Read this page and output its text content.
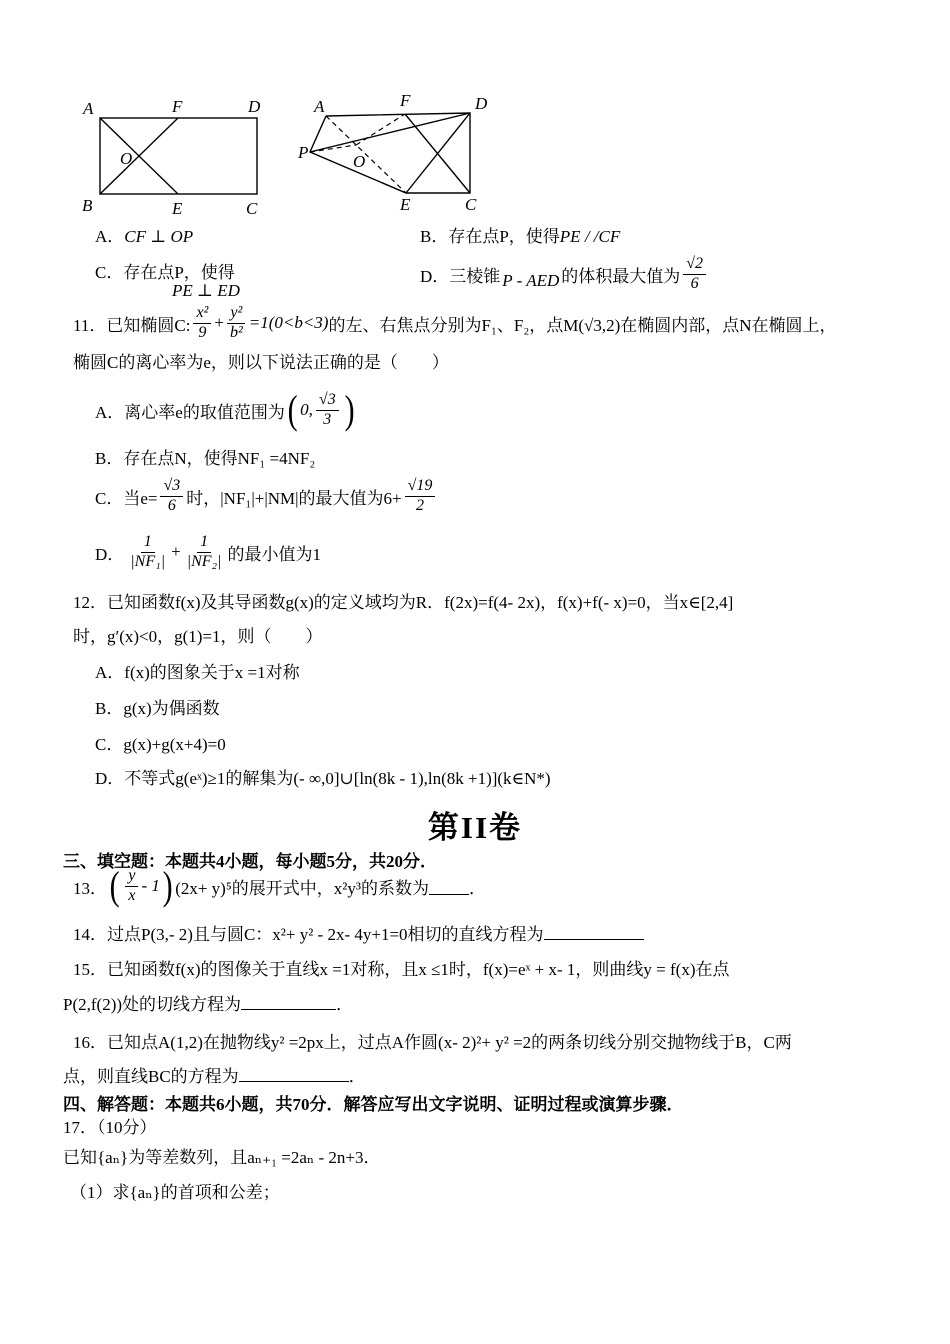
A	F	D
O
B	E	C
A	F	D
P	O
E	C
A．CF ⊥ OP	B．存在点P，使得PE / /CF
C．存在点P，使得
PE ⊥ ED
D．三棱锥 P - AED 的体积最大值为 $\frac{√2}{6}$
11．已知椭圆C: $\frac{\text{x²}}{9} + \frac{\text{y²}}{\text{b²}} =1(0<b<3)$ 的左、右焦点分别为F₁、F₂，点M(√3,2)在椭圆内部，点N在椭圆上，
椭圆C的离心率为e，则以下说法正确的是（　　）
A．离心率e的取值范围为 ( 0, $\frac{√3}{3}$ )
B．存在点N，使得NF₁ =4NF₂
C．当$e= \frac{√3}{6}$ 时，|NF₁|+|NM|的最大值为$6+ \frac{√19}{2}$
D． $\frac{1}{\text{|NF₁|}} + \frac{1}{\text{|NF₂|}}$ 的最小值为1
12．已知函数f(x)及其导函数g(x)的定义域均为R．f(2x)=f(4- 2x)，f(x)+f(- x)=0，当x∈[2,4]
时，g′(x)<0，g(1)=1，则（　　）
A．f(x)的图象关于x =1对称
B．g(x)为偶函数
C．g(x)+g(x+4)=0
D．不等式g(eˣ)≥1的解集为(- ∞,0]∪[ln(8k - 1),ln(8k +1)](k∈N*)
第II卷
三、填空题：本题共4小题，每小题5分，共20分．
13． ( $\frac{y}{x} - 1$ ) (2x+ y)⁵的展开式中，x²y³的系数为 ．
14．过点P(3,- 2)且与圆C：x²+ y² - 2x- 4y+1=0相切的直线方程为
15．已知函数f(x)的图像关于直线x =1对称，且x ≤1时，f(x)=eˣ + x- 1，则曲线y = f(x)在点
P(2,f(2))处的切线方程为	．
16．已知点A(1,2)在抛物线y² =2px上，过点A作圆(x- 2)²+ y² =2的两条切线分别交抛物线于B，C两
点，则直线BC的方程为	．
四、解答题：本题共6小题，共70分．解答应写出文字说明、证明过程或演算步骤．
17．（10分）
已知{aₙ}为等差数列，且aₙ₊₁ =2aₙ - 2n+3．
（1）求{aₙ}的首项和公差；
